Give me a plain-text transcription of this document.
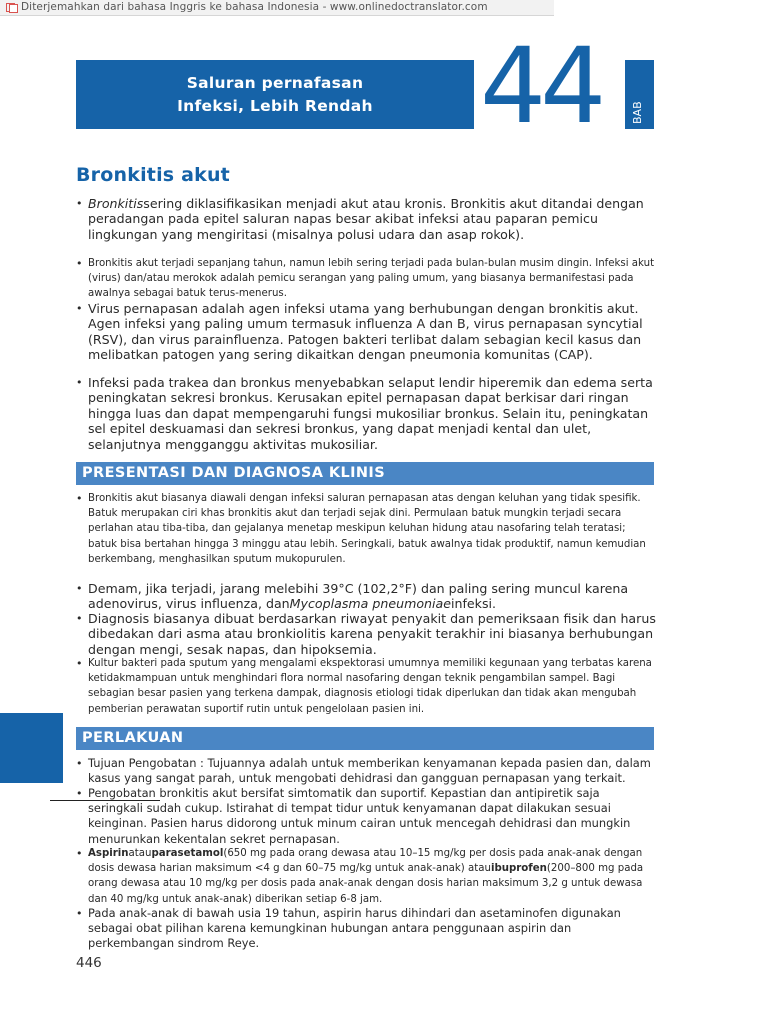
Diterjemahkan dari bahasa Inggris ke bahasa Indonesia - www.onlinedoctranslator.com
Saluran pernafasan
Infeksi, Lebih Rendah 44	BAB
Bronkitis akut
• Bronkitissering diklasifikasikan menjadi akut atau kronis. Bronkitis akut ditandai dengan peradangan pada epitel saluran napas besar akibat infeksi atau paparan pemicu lingkungan yang mengiritasi (misalnya polusi udara dan asap rokok).
• Bronkitis akut terjadi sepanjang tahun, namun lebih sering terjadi pada bulan-bulan musim dingin. Infeksi akut (virus) dan/atau merokok adalah pemicu serangan yang paling umum, yang biasanya bermanifestasi pada awalnya sebagai batuk terus-menerus.
• Virus pernapasan adalah agen infeksi utama yang berhubungan dengan bronkitis akut. Agen infeksi yang paling umum termasuk influenza A dan B, virus pernapasan syncytial (RSV), dan virus parainfluenza. Patogen bakteri terlibat dalam sebagian kecil kasus dan melibatkan patogen yang sering dikaitkan dengan pneumonia komunitas (CAP).
• Infeksi pada trakea dan bronkus menyebabkan selaput lendir hiperemik dan edema serta peningkatan sekresi bronkus. Kerusakan epitel pernapasan dapat berkisar dari ringan hingga luas dan dapat mempengaruhi fungsi mukosiliar bronkus. Selain itu, peningkatan sel epitel deskuamasi dan sekresi bronkus, yang dapat menjadi kental dan ulet, selanjutnya mengganggu aktivitas mukosiliar.
PRESENTASI DAN DIAGNOSA KLINIS
• Bronkitis akut biasanya diawali dengan infeksi saluran pernapasan atas dengan keluhan yang tidak spesifik. Batuk merupakan ciri khas bronkitis akut dan terjadi sejak dini. Permulaan batuk mungkin terjadi secara perlahan atau tiba-tiba, dan gejalanya menetap meskipun keluhan hidung atau nasofaring telah teratasi; batuk bisa bertahan hingga 3 minggu atau lebih. Seringkali, batuk awalnya tidak produktif, namun kemudian berkembang, menghasilkan sputum mukopurulen.
• Demam, jika terjadi, jarang melebihi 39°C (102,2°F) dan paling sering muncul karena adenovirus, virus influenza, danMycoplasma pneumoniaeinfeksi.
• Diagnosis biasanya dibuat berdasarkan riwayat penyakit dan pemeriksaan fisik dan harus dibedakan dari asma atau bronkiolitis karena penyakit terakhir ini biasanya berhubungan dengan mengi, sesak napas, dan hipoksemia.
• Kultur bakteri pada sputum yang mengalami ekspektorasi umumnya memiliki kegunaan yang terbatas karena ketidakmampuan untuk menghindari flora normal nasofaring dengan teknik pengambilan sampel. Bagi sebagian besar pasien yang terkena dampak, diagnosis etiologi tidak diperlukan dan tidak akan mengubah pemberian perawatan suportif rutin untuk pengelolaan pasien ini.
PERLAKUAN
• Tujuan Pengobatan : Tujuannya adalah untuk memberikan kenyamanan kepada pasien dan, dalam kasus yang sangat parah, untuk mengobati dehidrasi dan gangguan pernapasan yang terkait.
• Pengobatan bronkitis akut bersifat simtomatik dan suportif. Kepastian dan antipiretik saja seringkali sudah cukup. Istirahat di tempat tidur untuk kenyamanan dapat dilakukan sesuai keinginan. Pasien harus didorong untuk minum cairan untuk mencegah dehidrasi dan mungkin menurunkan kekentalan sekret pernapasan.
• Aspirinatauparasetamol(650 mg pada orang dewasa atau 10–15 mg/kg per dosis pada anak-anak dengan dosis dewasa harian maksimum <4 g dan 60–75 mg/kg untuk anak-anak) atauibuprofen(200–800 mg pada orang dewasa atau 10 mg/kg per dosis pada anak-anak dengan dosis harian maksimum 3,2 g untuk dewasa dan 40 mg/kg untuk anak-anak) diberikan setiap 6-8 jam.
• Pada anak-anak di bawah usia 19 tahun, aspirin harus dihindari dan asetaminofen digunakan sebagai obat pilihan karena kemungkinan hubungan antara penggunaan aspirin dan perkembangan sindrom Reye.
446
